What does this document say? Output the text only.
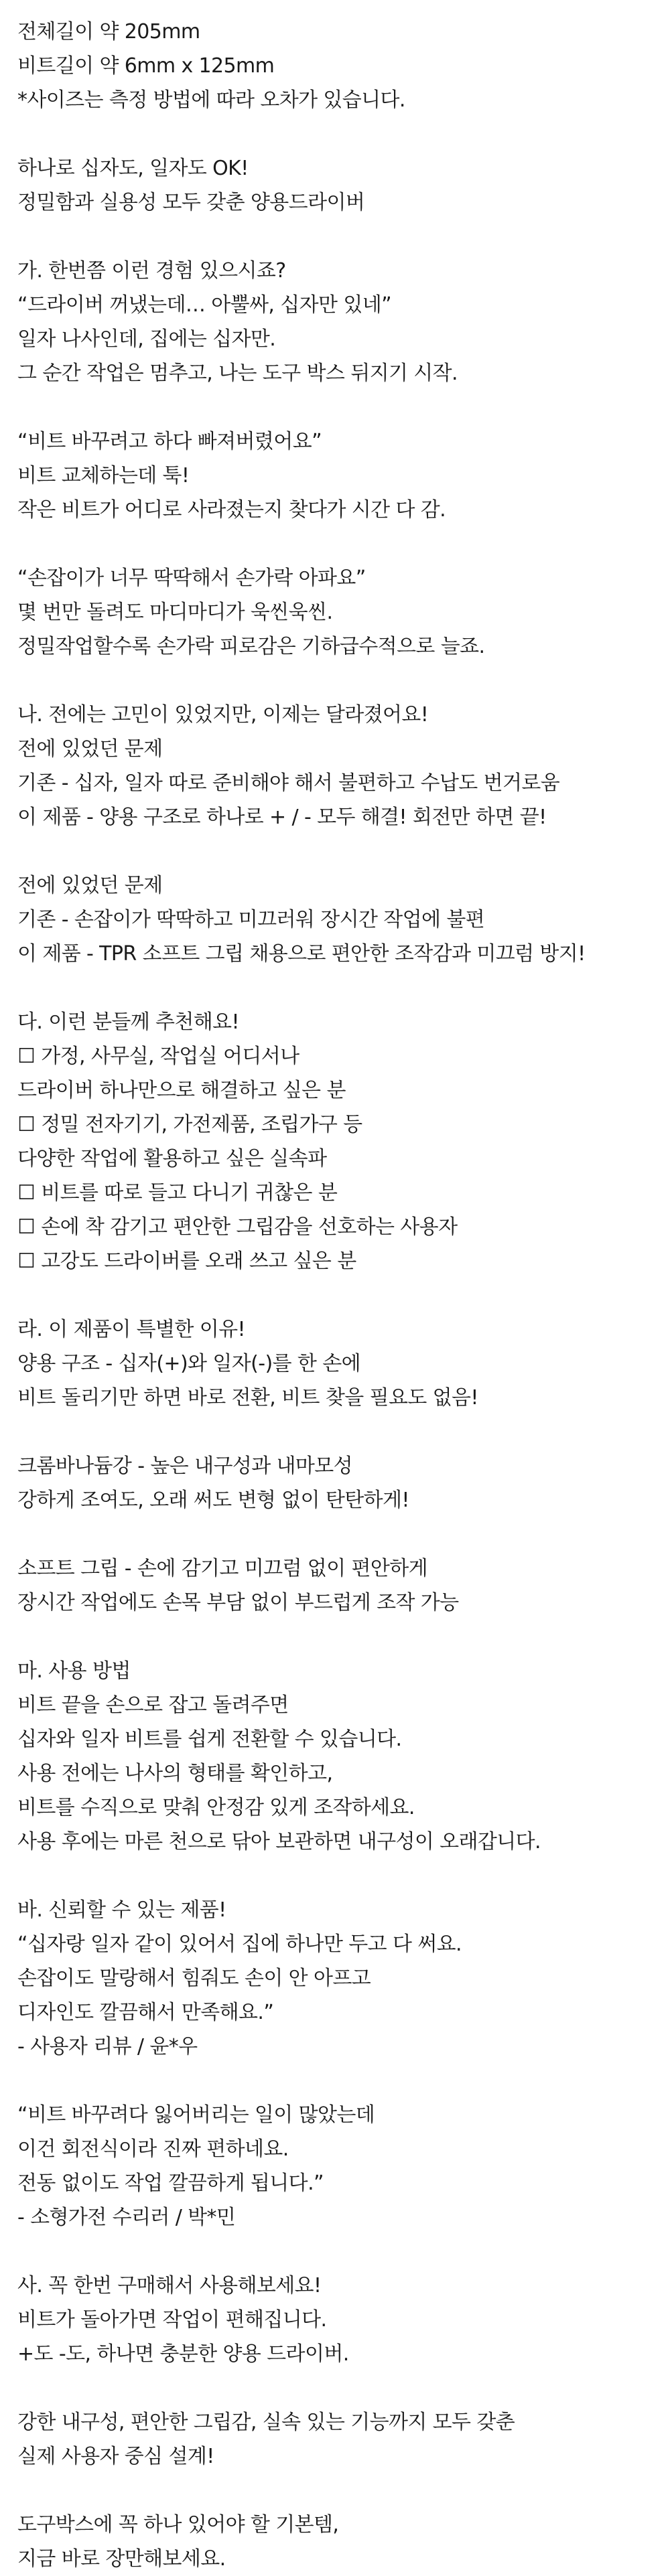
전체길이 약 205mm
비트길이 약 6mm x 125mm
*사이즈는 측정 방법에 따라 오차가 있습니다.
하나로 십자도, 일자도 OK!
정밀함과 실용성 모두 갖춘 양용드라이버
가. 한번쯤 이런 경험 있으시죠?
“드라이버 꺼냈는데… 아뿔싸, 십자만 있네”
일자 나사인데, 집에는 십자만.
그 순간 작업은 멈추고, 나는 도구 박스 뒤지기 시작.
“비트 바꾸려고 하다 빠져버렸어요”
비트 교체하는데 툭!
작은 비트가 어디로 사라졌는지 찾다가 시간 다 감.
“손잡이가 너무 딱딱해서 손가락 아파요”
몇 번만 돌려도 마디마디가 욱씬욱씬.
정밀작업할수록 손가락 피로감은 기하급수적으로 늘죠.
나. 전에는 고민이 있었지만, 이제는 달라졌어요!
전에 있었던 문제
기존 - 십자, 일자 따로 준비해야 해서 불편하고 수납도 번거로움
이 제품 - 양용 구조로 하나로 + / - 모두 해결! 회전만 하면 끝!
전에 있었던 문제
기존 - 손잡이가 딱딱하고 미끄러워 장시간 작업에 불편
이 제품 - TPR 소프트 그립 채용으로 편안한 조작감과 미끄럼 방지!
다. 이런 분들께 추천해요!
☐ 가정, 사무실, 작업실 어디서나
드라이버 하나만으로 해결하고 싶은 분
☐ 정밀 전자기기, 가전제품, 조립가구 등
다양한 작업에 활용하고 싶은 실속파
☐ 비트를 따로 들고 다니기 귀찮은 분
☐ 손에 착 감기고 편안한 그립감을 선호하는 사용자
☐ 고강도 드라이버를 오래 쓰고 싶은 분
라. 이 제품이 특별한 이유!
양용 구조 - 십자(+)와 일자(-)를 한 손에
비트 돌리기만 하면 바로 전환, 비트 찾을 필요도 없음!
크롬바나듐강 - 높은 내구성과 내마모성
강하게 조여도, 오래 써도 변형 없이 탄탄하게!
소프트 그립 - 손에 감기고 미끄럼 없이 편안하게
장시간 작업에도 손목 부담 없이 부드럽게 조작 가능
마. 사용 방법
비트 끝을 손으로 잡고 돌려주면
십자와 일자 비트를 쉽게 전환할 수 있습니다.
사용 전에는 나사의 형태를 확인하고,
비트를 수직으로 맞춰 안정감 있게 조작하세요.
사용 후에는 마른 천으로 닦아 보관하면 내구성이 오래갑니다.
바. 신뢰할 수 있는 제품!
“십자랑 일자 같이 있어서 집에 하나만 두고 다 써요.
손잡이도 말랑해서 힘줘도 손이 안 아프고
디자인도 깔끔해서 만족해요.”
- 사용자 리뷰 / 윤*우
“비트 바꾸려다 잃어버리는 일이 많았는데
이건 회전식이라 진짜 편하네요.
전동 없이도 작업 깔끔하게 됩니다.”
- 소형가전 수리러 / 박*민
사. 꼭 한번 구매해서 사용해보세요!
비트가 돌아가면 작업이 편해집니다.
+도 -도, 하나면 충분한 양용 드라이버.
강한 내구성, 편안한 그립감, 실속 있는 기능까지 모두 갖춘
실제 사용자 중심 설계!
도구박스에 꼭 하나 있어야 할 기본템,
지금 바로 장만해보세요.
